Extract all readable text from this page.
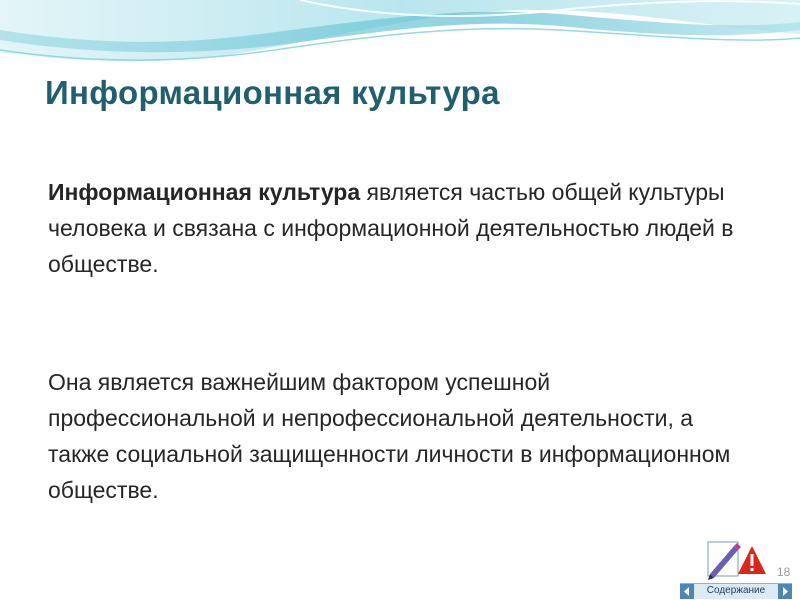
Информационная культура

Информационная культура является частью общей культуры человека и связана с информационной деятельностью людей в обществе.

Она является важнейшим фактором успешной профессиональной и непрофессиональной деятельности, а также социальной защищенности личности в информационном обществе.

18
Содержание
